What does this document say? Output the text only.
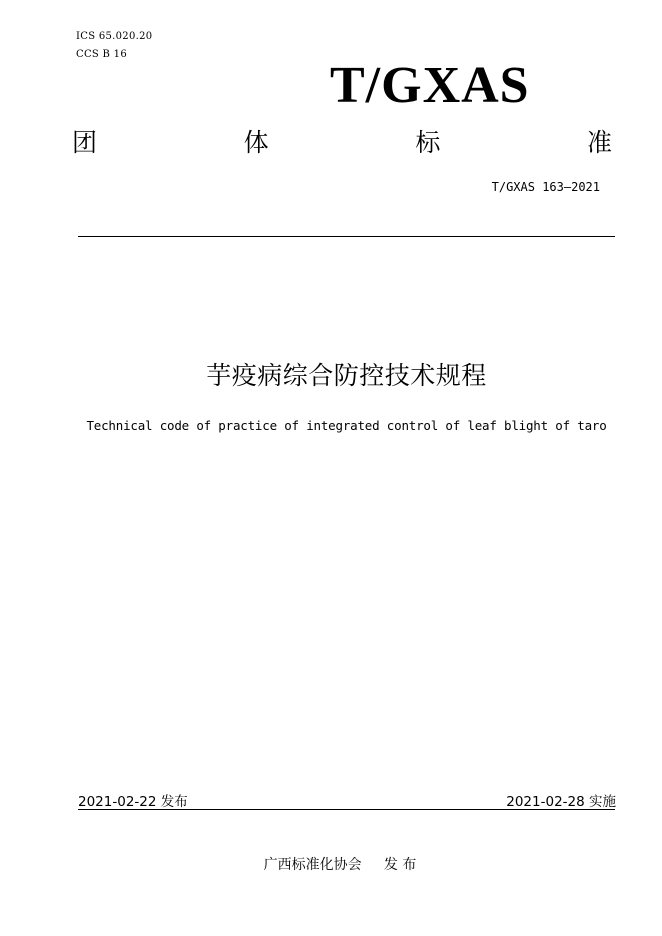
ICS 65.020.20
CCS B 16
T/GXAS
团	体	标	准
T/GXAS 163—2021
芋疫病综合防控技术规程
Technical code of practice of integrated control of leaf blight of taro
2021-02-22 发布	2021-02-28 实施
广西标准化协会 发 布
